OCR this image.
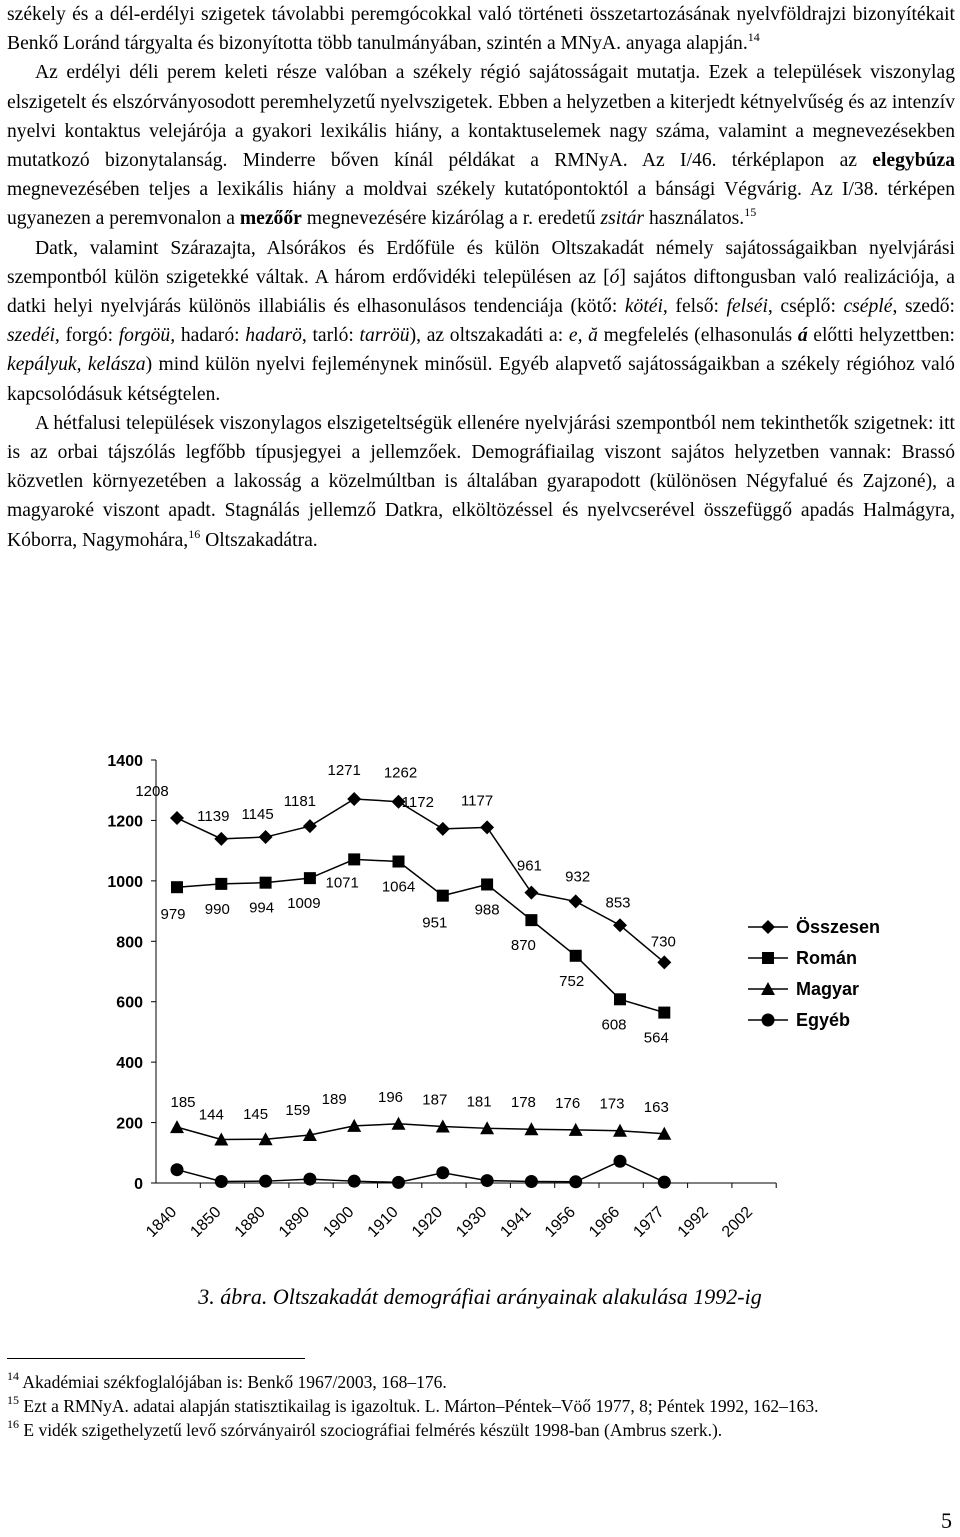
székely és a dél-erdélyi szigetek távolabbi peremgócokkal való történeti összetartozásának nyelvföldrajzi bizonyítékait Benkő Loránd tárgyalta és bizonyította több tanulmányában, szintén a MNyA. anyaga alapján.$^{14}$

Az erdélyi déli perem keleti része valóban a székely régió sajátosságait mutatja. Ezek a települések viszonylag elszigetelt és elszórványosodott peremhelyzetű nyelvszigetek. Ebben a helyzetben a kiterjedt kétnyelvűség és az intenzív nyelvi kontaktus velejárója a gyakori lexikális hiány, a kontaktuselemek nagy száma, valamint a megnevezésekben mutatkozó bizonytalanság. Minderre bőven kínál példákat a RMNyA. Az I/46. térképlapon az elegybúza megnevezésében teljes a lexikális hiány a moldvai székely kutatópontoktól a bánsági Végvárig. Az I/38. térképen ugyanezen a peremvonalon a mezőőr megnevezésére kizárólag a r. eredetű zsitár használatos.$^{15}$

Datk, valamint Szárazajta, Alsórákos és Erdőfüle és külön Oltszakadát némely sajátosságaikban nyelvjárási szempontból külön szigetekké váltak. A három erdővidéki településen az [ó] sajátos diftongusban való realizációja, a datki helyi nyelvjárás különös illabiális és elhasonulásos tendenciája (kötő: kötéi, felső: felséi, cséplő: cséplé, szedő: szedéi, forgó: forgöü, hadaró: hadarö, tarló: tarröü), az oltszakadáti a: e, ă megfelelés (elhasonulás á előtti helyzettben: kepályuk, kelásza) mind külön nyelvi fejleménynek minősül. Egyéb alapvető sajátosságaikban a székely régióhoz való kapcsolódásuk kétségtelen.

A hétfalusi települések viszonylagos elszigeteltségük ellenére nyelvjárási szempontból nem tekinthetők szigetnek: itt is az orbai tájszólás legfőbb típusjegyei a jellemzőek. Demográfiailag viszont sajátos helyzetben vannak: Brassó közvetlen környezetében a lakosság a közelmúltban is általában gyarapodott (különösen Négyfalué és Zajzoné), a magyaroké viszont apadt. Stagnálás jellemző Datkra, elköltözéssel és nyelvcserével összefüggő apadás Halmágyra, Kóborra, Nagymohára,$^{16}$ Oltszakadátra.

0
200
400
600
800
1000
1200
1400
1840 1850 1880 1890 1900 1910 1920 1930 1941 1956 1966 1977 1992 2002
1208
1139 1145
1181
1271 1262
1172 1177
961
932
853
730
979 990 994 1009
1071 1064
951
988
870
752
608
564
185
144 145 159
189 196 187 181 178 176 173 163
Összesen
Román
Magyar
Egyéb
3. ábra. Oltszakadát demográfiai arányainak alakulása 1992-ig

$^{14}$ Akadémiai székfoglalójában is: Benkő 1967/2003, 168–176.

$^{15}$ Ezt a RMNyA. adatai alapján statisztikailag is igazoltuk. L. Márton–Péntek–Vöő 1977, 8; Péntek 1992, 162–163.

$^{16}$ E vidék szigethelyzetű levő szórványairól szociográfiai felmérés készült 1998-ban (Ambrus szerk.).

5
